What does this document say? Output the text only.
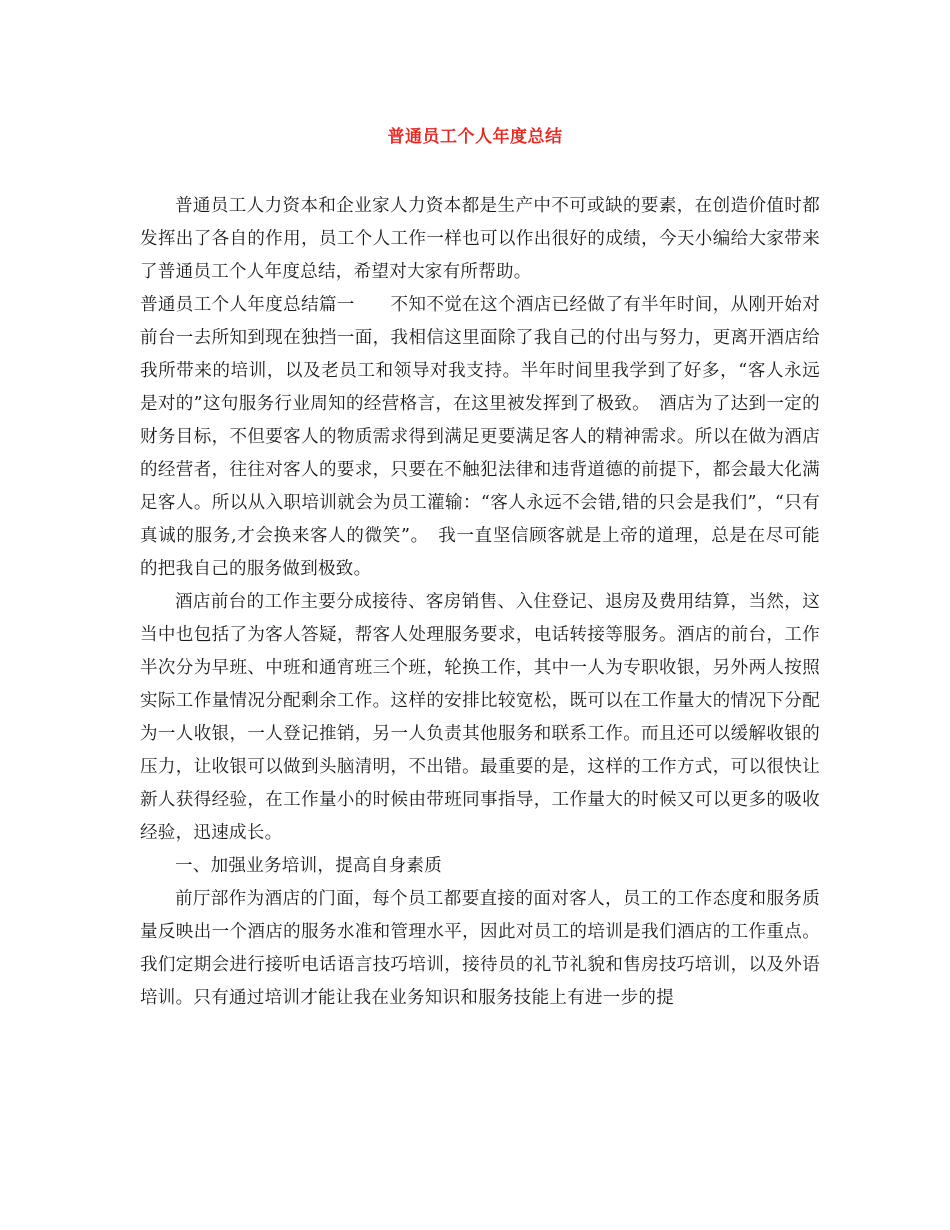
普通员工个人年度总结

普通员工人力资本和企业家人力资本都是生产中不可或缺的要素，在创造价值时都发挥出了各自的作用，员工个人工作一样也可以作出很好的成绩，今天小编给大家带来了普通员工个人年度总结，希望对大家有所帮助。

普通员工个人年度总结篇一　　不知不觉在这个酒店已经做了有半年时间，从刚开始对前台一去所知到现在独挡一面，我相信这里面除了我自己的付出与努力，更离开酒店给我所带来的培训，以及老员工和领导对我支持。半年时间里我学到了好多，“客人永远是对的”这句服务行业周知的经营格言，在这里被发挥到了极致。　酒店为了达到一定的财务目标，不但要客人的物质需求得到满足更要满足客人的精神需求。所以在做为酒店的经营者，往往对客人的要求，只要在不触犯法律和违背道德的前提下，都会最大化满足客人。所以从入职培训就会为员工灌输：“客人永远不会错,错的只会是我们”，“只有真诚的服务,才会换来客人的微笑”。　我一直坚信顾客就是上帝的道理，总是在尽可能的把我自己的服务做到极致。

酒店前台的工作主要分成接待、客房销售、入住登记、退房及费用结算，当然，这当中也包括了为客人答疑，帮客人处理服务要求，电话转接等服务。酒店的前台，工作半次分为早班、中班和通宵班三个班，轮换工作，其中一人为专职收银，另外两人按照实际工作量情况分配剩余工作。这样的安排比较宽松，既可以在工作量大的情况下分配为一人收银，一人登记推销，另一人负责其他服务和联系工作。而且还可以缓解收银的压力，让收银可以做到头脑清明，不出错。最重要的是，这样的工作方式，可以很快让新人获得经验，在工作量小的时候由带班同事指导，工作量大的时候又可以更多的吸收经验，迅速成长。

一、加强业务培训，提高自身素质

前厅部作为酒店的门面，每个员工都要直接的面对客人，员工的工作态度和服务质量反映出一个酒店的服务水准和管理水平，因此对员工的培训是我们酒店的工作重点。我们定期会进行接听电话语言技巧培训，接待员的礼节礼貌和售房技巧培训，以及外语培训。只有通过培训才能让我在业务知识和服务技能上有进一步的提
